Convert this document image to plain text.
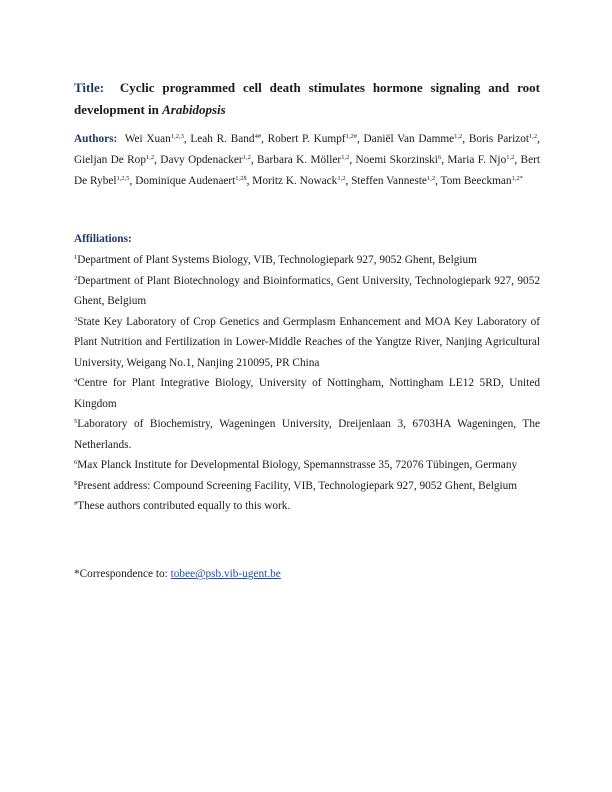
Title: Cyclic programmed cell death stimulates hormone signaling and root development in Arabidopsis

Authors: Wei Xuan$^{1,2,3}$, Leah R. Band$^{4\#}$, Robert P. Kumpf$^{1,2\#}$, Daniël Van Damme$^{1,2}$, Boris Parizot$^{1,2}$, Gieljan De Rop$^{1,2}$, Davy Opdenacker$^{1,2}$, Barbara K. Möller$^{1,2}$, Noemi Skorzinski$^6$, Maria F. Njo$^{1,2}$, Bert De Rybel$^{1,2,5}$, Dominique Audenaert$^{1,2\$}$, Moritz K. Nowack$^{1,2}$, Steffen Vanneste$^{1,2}$, Tom Beeckman$^{1,2*}$

Affiliations:

$^1$Department of Plant Systems Biology, VIB, Technologiepark 927, 9052 Ghent, Belgium

$^2$Department of Plant Biotechnology and Bioinformatics, Gent University, Technologiepark 927, 9052 Ghent, Belgium

$^3$State Key Laboratory of Crop Genetics and Germplasm Enhancement and MOA Key Laboratory of Plant Nutrition and Fertilization in Lower-Middle Reaches of the Yangtze River, Nanjing Agricultural University, Weigang No.1, Nanjing 210095, PR China

$^4$Centre for Plant Integrative Biology, University of Nottingham, Nottingham LE12 5RD, United Kingdom

$^5$Laboratory of Biochemistry, Wageningen University, Dreijenlaan 3, 6703HA Wageningen, The Netherlands.

$^6$Max Planck Institute for Developmental Biology, Spemannstrasse 35, 72076 Tübingen, Germany

$Present address: Compound Screening Facility, VIB, Technologiepark 927, 9052 Ghent, Belgium

#These authors contributed equally to this work.

*Correspondence to: tobee@psb.vib-ugent.be
